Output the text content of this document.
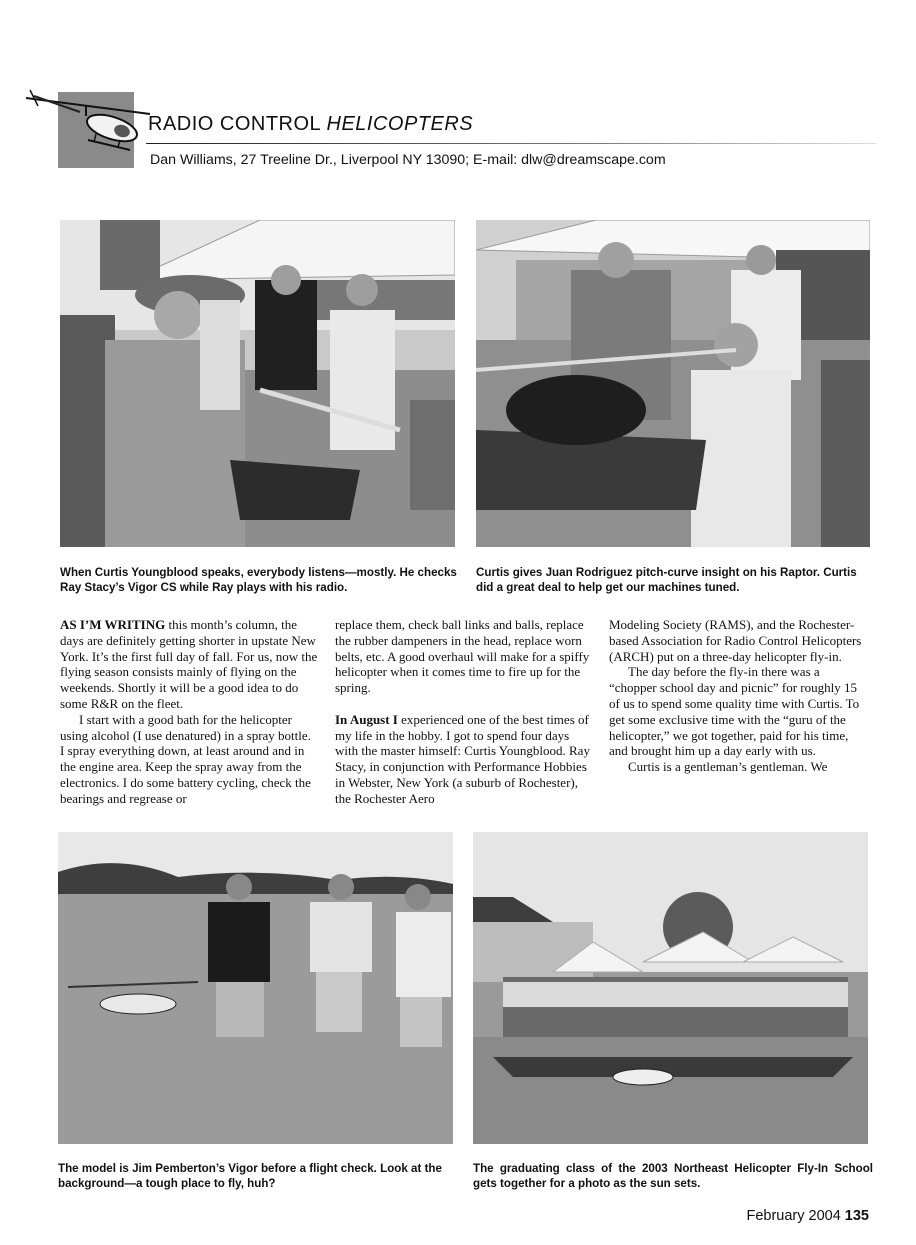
RADIO CONTROL HELICOPTERS
Dan Williams, 27 Treeline Dr., Liverpool NY 13090; E-mail: dlw@dreamscape.com
When Curtis Youngblood speaks, everybody listens—mostly. He checks Ray Stacy’s Vigor CS while Ray plays with his radio.
Curtis gives Juan Rodriguez pitch-curve insight on his Raptor. Curtis did a great deal to help get our machines tuned.

AS I’M WRITING this month’s column, the days are definitely getting shorter in upstate New York. It’s the first full day of fall. For us, now the flying season consists mainly of flying on the weekends. Shortly it will be a good idea to do some R&R on the fleet.

I start with a good bath for the helicopter using alcohol (I use denatured) in a spray bottle. I spray everything down, at least around and in the engine area. Keep the spray away from the electronics. I do some battery cycling, check the bearings and regrease or

replace them, check ball links and balls, replace the rubber dampeners in the head, replace worn belts, etc. A good overhaul will make for a spiffy helicopter when it comes time to fire up for the spring.

In August I experienced one of the best times of my life in the hobby. I got to spend four days with the master himself: Curtis Youngblood. Ray Stacy, in conjunction with Performance Hobbies in Webster, New York (a suburb of Rochester), the Rochester Aero

Modeling Society (RAMS), and the Rochester-based Association for Radio Control Helicopters (ARCH) put on a three-day helicopter fly-in.

The day before the fly-in there was a “chopper school day and picnic” for roughly 15 of us to spend some quality time with Curtis. To get some exclusive time with the “guru of the helicopter,” we got together, paid for his time, and brought him up a day early with us.

Curtis is a gentleman’s gentleman. We

The model is Jim Pemberton’s Vigor before a flight check. Look at the background—a tough place to fly, huh?
The graduating class of the 2003 Northeast Helicopter Fly-In School gets together for a photo as the sun sets.
February 2004 135
